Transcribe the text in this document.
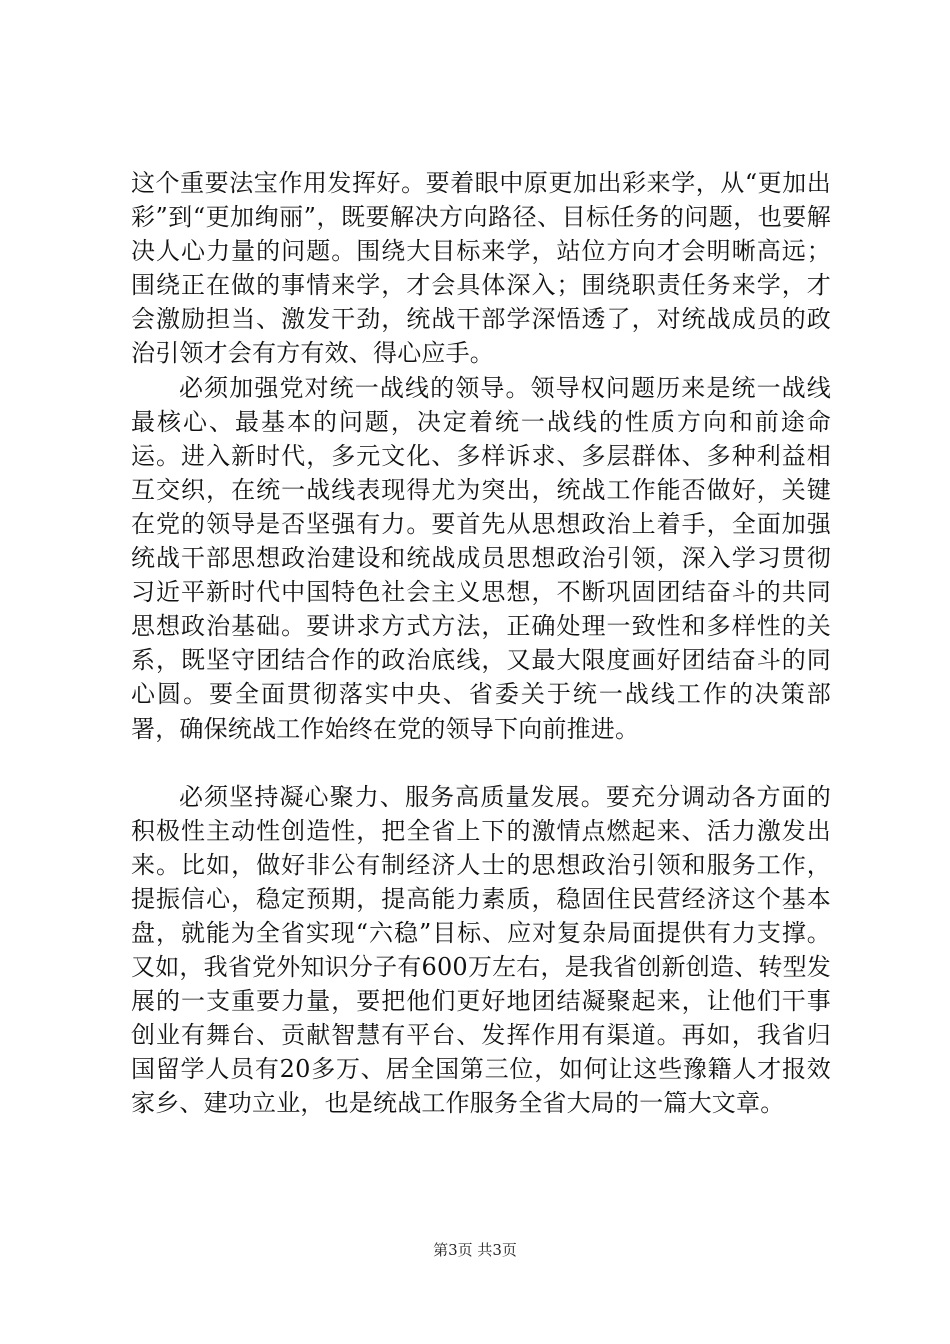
这个重要法宝作用发挥好。要着眼中原更加出彩来学，从“更加出彩”到“更加绚丽”，既要解决方向路径、目标任务的问题，也要解决人心力量的问题。围绕大目标来学，站位方向才会明晰高远；围绕正在做的事情来学，才会具体深入；围绕职责任务来学，才会激励担当、激发干劲，统战干部学深悟透了，对统战成员的政治引领才会有方有效、得心应手。

必须加强党对统一战线的领导。领导权问题历来是统一战线最核心、最基本的问题，决定着统一战线的性质方向和前途命运。进入新时代，多元文化、多样诉求、多层群体、多种利益相互交织，在统一战线表现得尤为突出，统战工作能否做好，关键在党的领导是否坚强有力。要首先从思想政治上着手，全面加强统战干部思想政治建设和统战成员思想政治引领，深入学习贯彻习近平新时代中国特色社会主义思想，不断巩固团结奋斗的共同思想政治基础。要讲求方式方法，正确处理一致性和多样性的关系，既坚守团结合作的政治底线，又最大限度画好团结奋斗的同心圆。要全面贯彻落实中央、省委关于统一战线工作的决策部署，确保统战工作始终在党的领导下向前推进。

必须坚持凝心聚力、服务高质量发展。要充分调动各方面的积极性主动性创造性，把全省上下的激情点燃起来、活力激发出来。比如，做好非公有制经济人士的思想政治引领和服务工作，提振信心，稳定预期，提高能力素质，稳固住民营经济这个基本盘，就能为全省实现“六稳”目标、应对复杂局面提供有力支撑。又如，我省党外知识分子有600万左右，是我省创新创造、转型发展的一支重要力量，要把他们更好地团结凝聚起来，让他们干事创业有舞台、贡献智慧有平台、发挥作用有渠道。再如，我省归国留学人员有20多万、居全国第三位，如何让这些豫籍人才报效家乡、建功立业，也是统战工作服务全省大局的一篇大文章。

第3页 共3页
